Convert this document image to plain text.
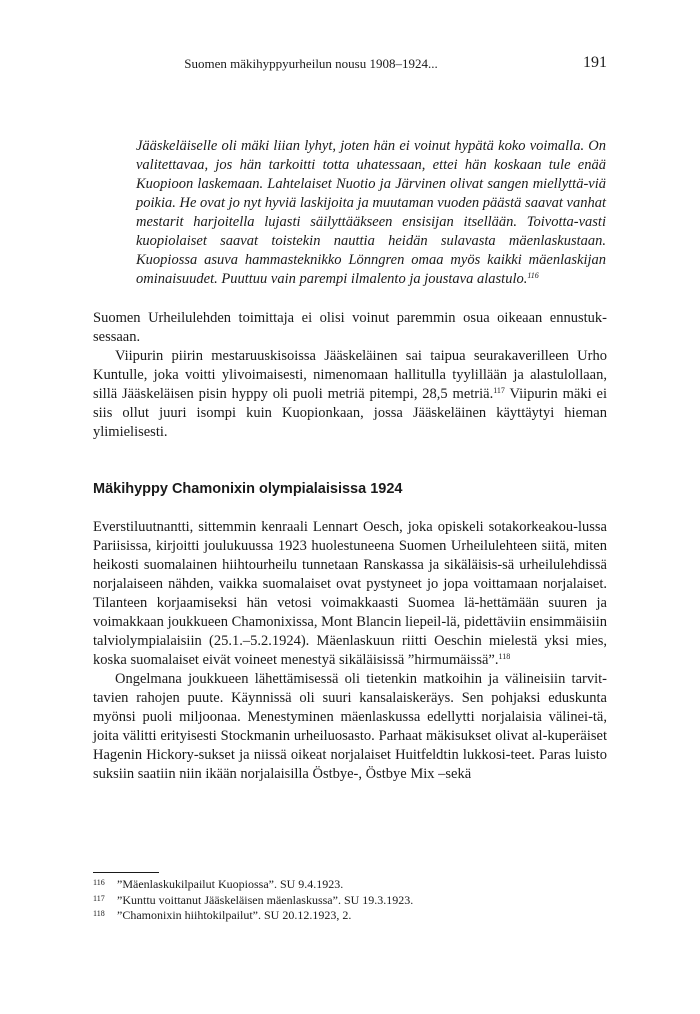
Suomen mäkihyppyurheilun nousu 1908–1924...	191

Jääskeläiselle oli mäki liian lyhyt, joten hän ei voinut hypätä koko voimalla. On valitettavaa, jos hän tarkoitti totta uhatessaan, ettei hän koskaan tule enää Kuopioon laskemaan. Lahtelaiset Nuotio ja Järvinen olivat sangen miellyttä-viä poikia. He ovat jo nyt hyviä laskijoita ja muutaman vuoden päästä saavat vanhat mestarit harjoitella lujasti säilyttääkseen ensisijan itsellään. Toivotta-vasti kuopiolaiset saavat toistekin nauttia heidän sulavasta mäenlaskustaan. Kuopiossa asuva hammasteknikko Lönngren omaa myös kaikki mäenlaskijan ominaisuudet. Puuttuu vain parempi ilmalento ja joustava alastulo.$^{116}$

Suomen Urheilulehden toimittaja ei olisi voinut paremmin osua oikeaan ennustuk-sessaan.

Viipurin piirin mestaruuskisoissa Jääskeläinen sai taipua seurakaverilleen Urho Kuntulle, joka voitti ylivoimaisesti, nimenomaan hallitulla tyylillään ja alastulollaan, sillä Jääskeläisen pisin hyppy oli puoli metriä pitempi, 28,5 metriä.$^{117}$ Viipurin mäki ei siis ollut juuri isompi kuin Kuopionkaan, jossa Jääskeläinen käyttäytyi hieman ylimielisesti.

Mäkihyppy Chamonixin olympialaisissa 1924

Everstiluutnantti, sittemmin kenraali Lennart Oesch, joka opiskeli sotakorkeakou-lussa Pariisissa, kirjoitti joulukuussa 1923 huolestuneena Suomen Urheilulehteen siitä, miten heikosti suomalainen hiihtourheilu tunnetaan Ranskassa ja sikäläisis-sä urheilulehdissä norjalaiseen nähden, vaikka suomalaiset ovat pystyneet jo jopa voittamaan norjalaiset. Tilanteen korjaamiseksi hän vetosi voimakkaasti Suomea lä-hettämään suuren ja voimakkaan joukkueen Chamonixissa, Mont Blancin liepeil-lä, pidettäviin ensimmäisiin talviolympialaisiin (25.1.–5.2.1924). Mäenlaskuun riitti Oeschin mielestä yksi mies, koska suomalaiset eivät voineet menestyä sikäläisissä ”hirmumäissä”.$^{118}$

Ongelmana joukkueen lähettämisessä oli tietenkin matkoihin ja välineisiin tarvit-tavien rahojen puute. Käynnissä oli suuri kansalaiskeräys. Sen pohjaksi eduskunta myönsi puoli miljoonaa. Menestyminen mäenlaskussa edellytti norjalaisia välinei-tä, joita välitti erityisesti Stockmanin urheiluosasto. Parhaat mäkisukset olivat al-kuperäiset Hagenin Hickory-sukset ja niissä oikeat norjalaiset Huitfeldtin lukkosi-teet. Paras luisto suksiin saatiin niin ikään norjalaisilla Östbye-, Östbye Mix –sekä

116 ”Mäenlaskukilpailut Kuopiossa”. SU 9.4.1923.
117 ”Kunttu voittanut Jääskeläisen mäenlaskussa”. SU 19.3.1923.
118 ”Chamonixin hiihtokilpailut”. SU 20.12.1923, 2.
